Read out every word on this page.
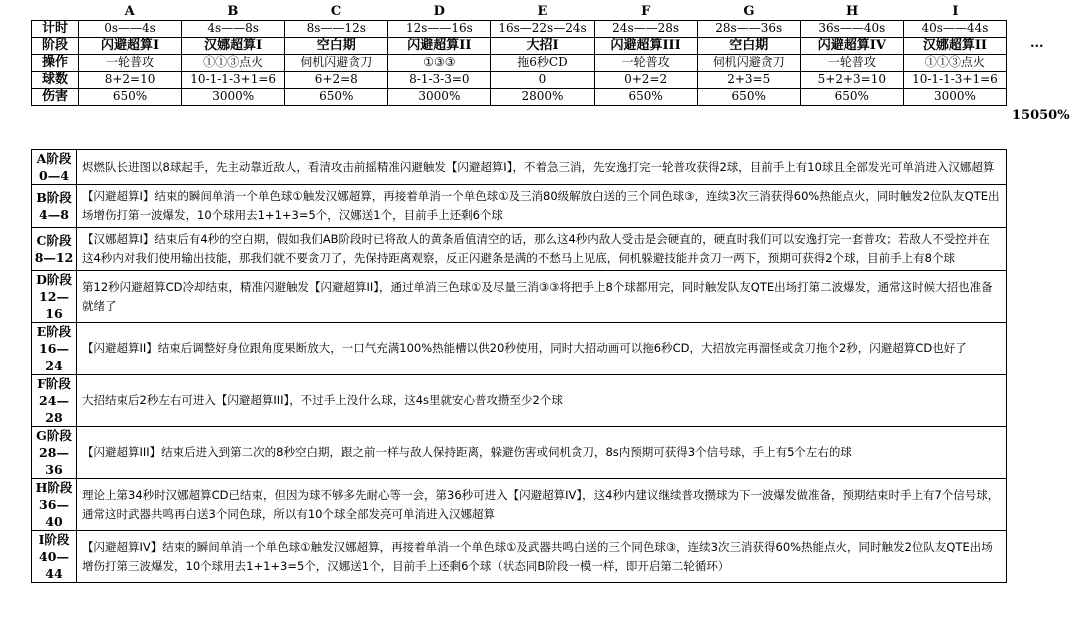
A	B	C	D	E	F	G	H	I
计时	0s——4s	4s——8s	8s——12s	12s——16s	16s—22s—24s	24s——28s	28s——36s	36s——40s	40s——44s
阶段	闪避超算I	汉娜超算I	空白期	闪避超算II	大招I	闪避超算III	空白期	闪避超算IV	汉娜超算II
操作	一轮普攻	①①③点火	伺机闪避贪刀	①③③	拖6秒CD	一轮普攻	伺机闪避贪刀	一轮普攻	①①③点火
球数	8+2=10	10-1-1-3+1=6	6+2=8	8-1-3-3=0	0	0+2=2	2+3=5	5+2+3=10	10-1-1-3+1=6
伤害	650%	3000%	650%	3000%	2800%	650%	650%	650%	3000%
...
15050%
A阶段
0—4	烬燃队长进图以8球起手，先主动靠近敌人，看清攻击前摇精准闪避触发【闪避超算I】，不着急三消，先安逸打完一轮普攻获得2球，目前手上有10球且全部发光可单消进入汉娜超算

B阶段
4—8	【闪避超算I】结束的瞬间单消一个单色球①触发汉娜超算，再接着单消一个单色球①及三消80级解放白送的三个同色球③，连续3次三消获得60%热能点火，同时触发2位队友QTE出场增伤打第一波爆发，10个球用去1+1+3=5个，汉娜送1个，目前手上还剩6个球

C阶段
8—12	【汉娜超算I】结束后有4秒的空白期，假如我们AB阶段时已将敌人的黄条盾值清空的话，那么这4秒内敌人受击是会硬直的，硬直时我们可以安逸打完一套普攻；若敌人不受控并在这4秒内对我们使用输出技能，那我们就不要贪刀了，先保持距离观察，反正闪避条是满的不愁马上见底，伺机躲避技能并贪刀一两下，预期可获得2个球，目前手上有8个球

D阶段
12—16	第12秒闪避超算CD冷却结束，精准闪避触发【闪避超算II】，通过单消三色球①及尽量三消③③将把手上8个球都用完，同时触发队友QTE出场打第二波爆发，通常这时候大招也准备就绪了

E阶段
16—24	【闪避超算II】结束后调整好身位跟角度果断放大，一口气充满100%热能槽以供20秒使用，同时大招动画可以拖6秒CD，大招放完再溜怪或贪刀拖个2秒，闪避超算CD也好了

F阶段
24—28	大招结束后2秒左右可进入【闪避超算III】，不过手上没什么球，这4s里就安心普攻攒至少2个球

G阶段
28—36	【闪避超算III】结束后进入到第二次的8秒空白期，跟之前一样与敌人保持距离，躲避伤害或伺机贪刀，8s内预期可获得3个信号球，手上有5个左右的球

H阶段
36—40	理论上第34秒时汉娜超算CD已结束，但因为球不够多先耐心等一会，第36秒可进入【闪避超算IV】，这4秒内建议继续普攻攒球为下一波爆发做准备，预期结束时手上有7个信号球，通常这时武器共鸣再白送3个同色球，所以有10个球全部发亮可单消进入汉娜超算

I阶段
40—44	【闪避超算IV】结束的瞬间单消一个单色球①触发汉娜超算，再接着单消一个单色球①及武器共鸣白送的三个同色球③，连续3次三消获得60%热能点火，同时触发2位队友QTE出场增伤打第三波爆发，10个球用去1+1+3=5个，汉娜送1个，目前手上还剩6个球（状态同B阶段一模一样，即开启第二轮循环）
